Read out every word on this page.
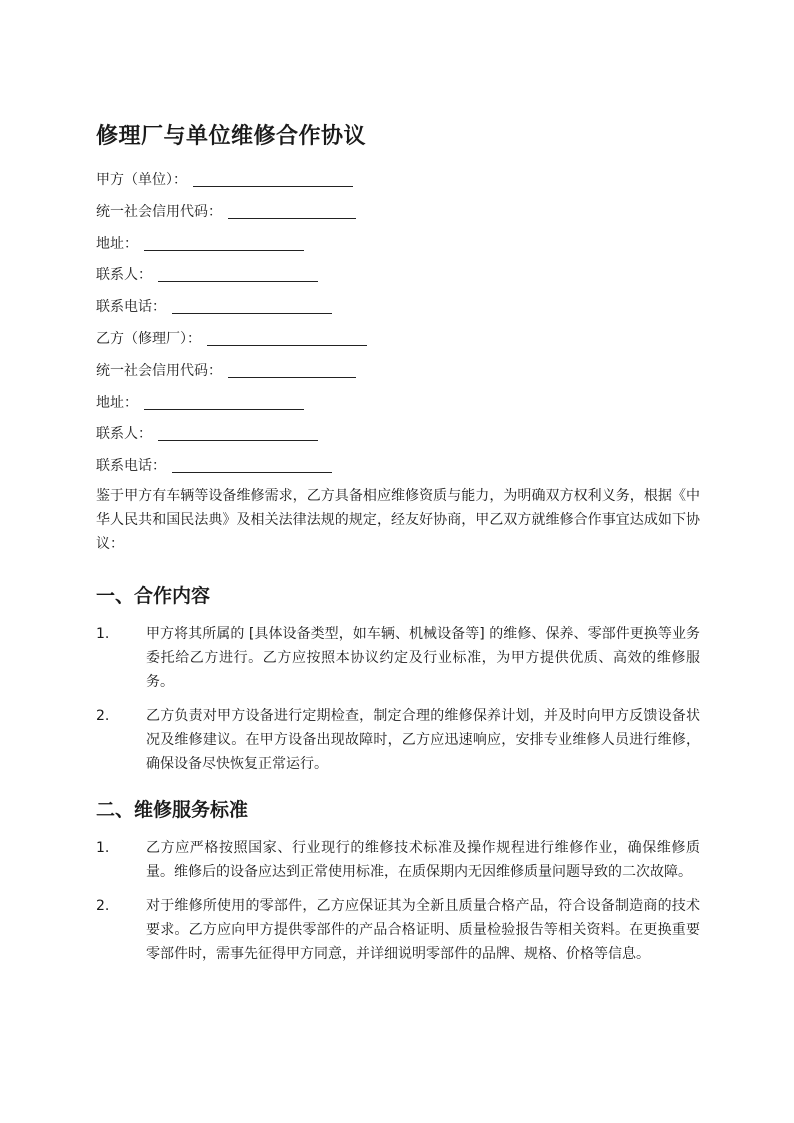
修理厂与单位维修合作协议
甲方（单位）：
统一社会信用代码：
地址：
联系人：
联系电话：
乙方（修理厂）：
统一社会信用代码：
地址：
联系人：
联系电话：

鉴于甲方有车辆等设备维修需求，乙方具备相应维修资质与能力，为明确双方权利义务，根据《中华人民共和国民法典》及相关法律法规的规定，经友好协商，甲乙双方就维修合作事宜达成如下协议：

一、合作内容
1.	甲方将其所属的 [具体设备类型，如车辆、机械设备等] 的维修、保养、零部件更换等业务委托给乙方进行。乙方应按照本协议约定及行业标准，为甲方提供优质、高效的维修服务。
2.	乙方负责对甲方设备进行定期检查，制定合理的维修保养计划，并及时向甲方反馈设备状况及维修建议。在甲方设备出现故障时，乙方应迅速响应，安排专业维修人员进行维修，确保设备尽快恢复正常运行。
二、维修服务标准
1.	乙方应严格按照国家、行业现行的维修技术标准及操作规程进行维修作业，确保维修质量。维修后的设备应达到正常使用标准，在质保期内无因维修质量问题导致的二次故障。
2.	对于维修所使用的零部件，乙方应保证其为全新且质量合格产品，符合设备制造商的技术要求。乙方应向甲方提供零部件的产品合格证明、质量检验报告等相关资料。在更换重要零部件时，需事先征得甲方同意，并详细说明零部件的品牌、规格、价格等信息。
